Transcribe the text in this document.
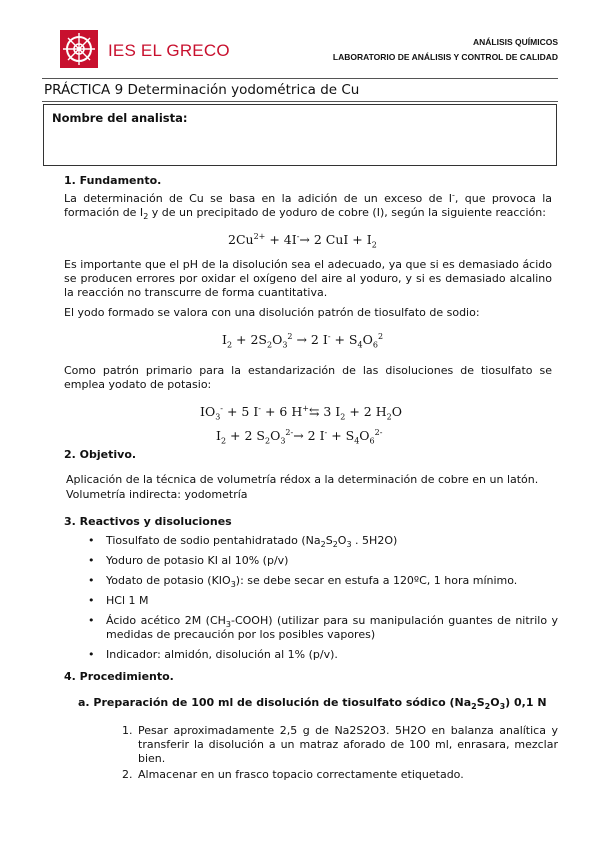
IES EL GRECO	ANÁLISIS QUÍMICOS
LABORATORIO DE ANÁLISIS Y CONTROL DE CALIDAD
PRÁCTICA 9 Determinación yodométrica de Cu
Nombre del analista:
1. Fundamento.
La determinación de Cu se basa en la adición de un exceso de I-, que provoca la formación de $I_2$ y de un precipitado de yoduro de cobre (I), según la siguiente reacción:
$2Cu^{2+} + 4I^-\to 2$ CuI + $I_2$
Es importante que el pH de la disolución sea el adecuado, ya que si es demasiado ácido se producen errores por oxidar el oxígeno del aire al yoduro, y si es demasiado alcalino la reacción no transcurre de forma cuantitativa.
El yodo formado se valora con una disolución patrón de tiosulfato de sodio:
$I_2 + 2S_2O_3^2 \to 2$ $I^- + S_4O_6^2$
Como patrón primario para la estandarización de las disoluciones de tiosulfato se emplea yodato de potasio:
$IO_3^- + 5$ I- + 6 H+⇆ 3 $I_2 + 2$ $H_2O$
$I_2 + 2$ $S_2O_3^{2-}\to 2$ $I^- + S_4O_6^{2-}$
2. Objetivo.
Aplicación de la técnica de volumetría rédox a la determinación de cobre en un latón.
Volumetría indirecta: yodometría
3. Reactivos y disoluciones
• Tiosulfato de sodio pentahidratado ($Na_2S_2O_3$ . 5H2O)
• Yoduro de potasio KI al 10% (p/v)
• Yodato de potasio $(KIO_3)$: se debe secar en estufa a 120ºC, 1 hora mínimo.
• HCl 1 M
• Ácido acético 2M $(CH_3-COOH)$ (utilizar para su manipulación guantes de nitrilo y medidas de precaución por los posibles vapores)
• Indicador: almidón, disolución al 1% (p/v).
4. Procedimiento.
a. Preparación de 100 ml de disolución de tiosulfato sódico $(Na_2S_2O_3)$ 0,1 N
1. Pesar aproximadamente 2,5 g de Na2S2O3. 5H2O en balanza analítica y transferir la disolución a un matraz aforado de 100 ml, enrasara, mezclar bien.
2. Almacenar en un frasco topacio correctamente etiquetado.
